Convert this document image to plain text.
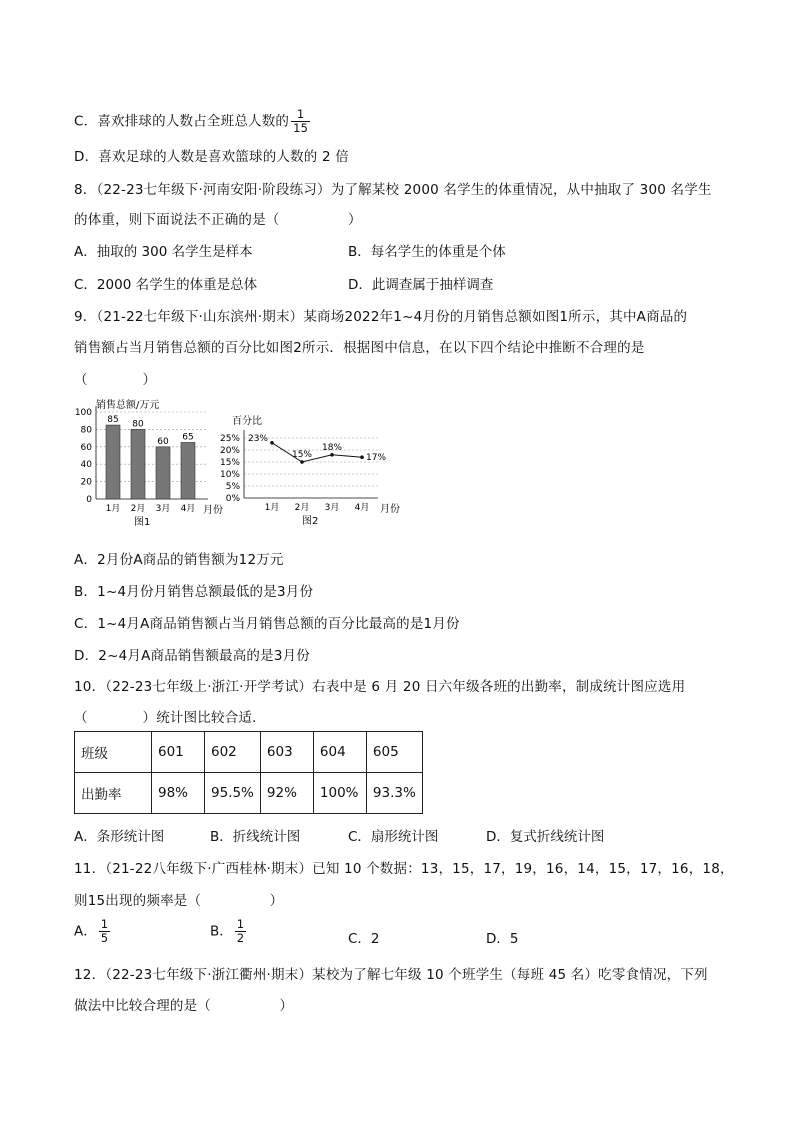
C．喜欢排球的人数占全班总人数的 $\frac{1}{15}$
D．喜欢足球的人数是喜欢篮球的人数的 2 倍
8．（22-23七年级下·河南安阳·阶段练习）为了解某校 2000 名学生的体重情况，从中抽取了 300 名学生
的体重，则下面说法不正确的是（　　　　　）
A．抽取的 300 名学生是样本	B．每名学生的体重是个体
C．2000 名学生的体重是总体	D．此调查属于抽样调查
9．（21-22七年级下·山东滨州·期末）某商场2022年1~4月份的月销售总额如图1所示，其中A商品的
销售额占当月销售总额的百分比如图2所示．根据图中信息，在以下四个结论中推断不合理的是
（　　　　）
销售总额/万元
0
20
40
60
80
100
1月 2月 3月 4月
85 80
60 65
月份
图1
百分比
0%
5%
10%
15%
20%
25%
1月 2月 3月 4月
23%
15%
18%
17%
月份
图2
A．2月份A商品的销售额为12万元
B．1~4月份月销售总额最低的是3月份
C．1~4月A商品销售额占当月销售总额的百分比最高的是1月份
D．2~4月A商品销售额最高的是3月份
10．（22-23七年级上·浙江·开学考试）右表中是 6 月 20 日六年级各班的出勤率，制成统计图应选用
（　　　　）统计图比较合适．
班级	601	602	603	604	605
出勤率	98%	95.5%	92%	100%	93.3%
A．条形统计图	B．折线统计图	C．扇形统计图	D．复式折线统计图
11．（21-22八年级下·广西桂林·期末）已知 10 个数据：13，15，17，19，16，14，15，17，16，18，
则15出现的频率是（　　　　　）
A． $\frac{1}{5}$	B． $\frac{1}{2}$	C．2	D．5
12．（22-23七年级下·浙江衢州·期末）某校为了解七年级 10 个班学生（每班 45 名）吃零食情况，下列
做法中比较合理的是（　　　　　）
